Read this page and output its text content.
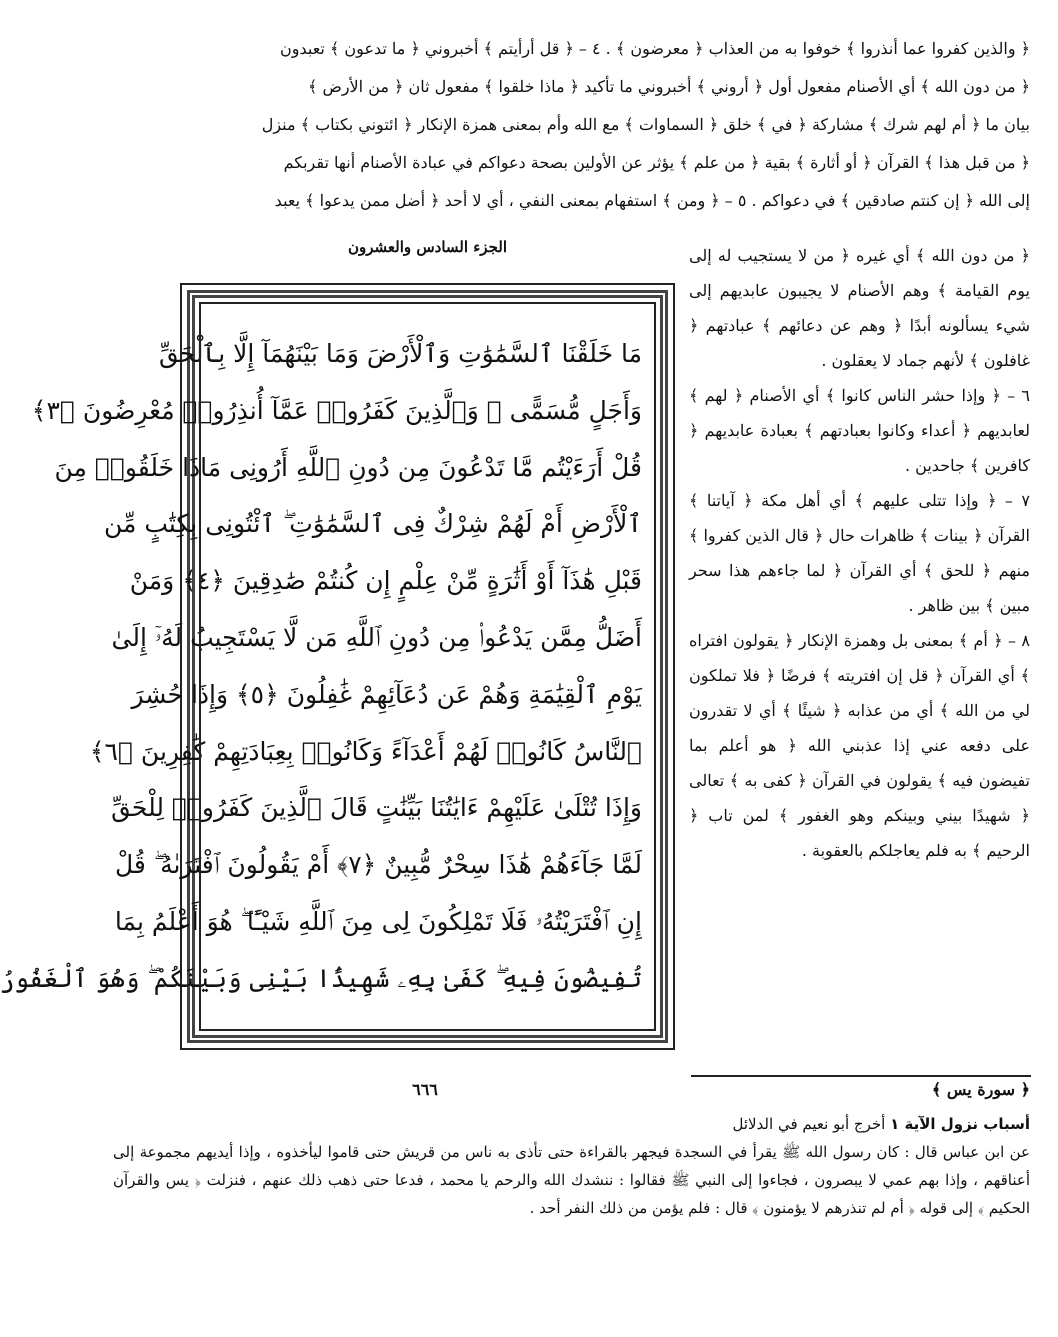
﴿ والذين كفروا عما أنذروا ﴾ خوفوا به من العذاب ﴿ معرضون ﴾ . ٤ – ﴿ قل أرأيتم ﴾ أخبروني ﴿ ما تدعون ﴾ تعبدون

﴿ من دون الله ﴾ أي الأصنام مفعول أول ﴿ أروني ﴾ أخبروني ما تأكيد ﴿ ماذا خلقوا ﴾ مفعول ثان ﴿ من الأرض ﴾

بيان ما ﴿ أم لهم شرك ﴾ مشاركة ﴿ في ﴾ خلق ﴿ السماوات ﴾ مع الله وأم بمعنى همزة الإنكار ﴿ ائتوني بكتاب ﴾ منزل

﴿ من قبل هذا ﴾ القرآن ﴿ أو أثارة ﴾ بقية ﴿ من علم ﴾ يؤثر عن الأولين بصحة دعواكم في عبادة الأصنام أنها تقربكم

إلى الله ﴿ إن كنتم صادقين ﴾ في دعواكم . ٥ – ﴿ ومن ﴾ استفهام بمعنى النفي ، أي لا أحد ﴿ أضل ممن يدعوا ﴾ يعبد

الجزء السادس والعشرون
مَا خَلَقْنَا ٱلسَّمَٰوَٰتِ وَٱلْأَرْضَ وَمَا بَيْنَهُمَآ إِلَّا بِٱلْحَقِّ
وَأَجَلٍ مُّسَمًّى ۚ وَٱلَّذِينَ كَفَرُوا۟ عَمَّآ أُنذِرُوا۟ مُعْرِضُونَ ﴿٣﴾
قُلْ أَرَءَيْتُم مَّا تَدْعُونَ مِن دُونِ ٱللَّهِ أَرُونِى مَاذَا خَلَقُوا۟ مِنَ
ٱلْأَرْضِ أَمْ لَهُمْ شِرْكٌ فِى ٱلسَّمَٰوَٰتِ ۖ ٱئْتُونِى بِكِتَٰبٍ مِّن
قَبْلِ هَٰذَآ أَوْ أَثَٰرَةٍ مِّنْ عِلْمٍ إِن كُنتُمْ صَٰدِقِينَ ﴿٤﴾ وَمَنْ
أَضَلُّ مِمَّن يَدْعُوا۟ مِن دُونِ ٱللَّهِ مَن لَّا يَسْتَجِيبُ لَهُۥٓ إِلَىٰ
يَوْمِ ٱلْقِيَٰمَةِ وَهُمْ عَن دُعَآئِهِمْ غَٰفِلُونَ ﴿٥﴾ وَإِذَا حُشِرَ
ٱلنَّاسُ كَانُوا۟ لَهُمْ أَعْدَآءً وَكَانُوا۟ بِعِبَادَتِهِمْ كَٰفِرِينَ ﴿٦﴾
وَإِذَا تُتْلَىٰ عَلَيْهِمْ ءَايَٰتُنَا بَيِّنَٰتٍ قَالَ ٱلَّذِينَ كَفَرُوا۟ لِلْحَقِّ
لَمَّا جَآءَهُمْ هَٰذَا سِحْرٌ مُّبِينٌ ﴿٧﴾ أَمْ يَقُولُونَ ٱفْتَرَىٰهُ ۖ قُلْ
إِنِ ٱفْتَرَيْتُهُۥ فَلَا تَمْلِكُونَ لِى مِنَ ٱللَّهِ شَيْـًٔا ۖ هُوَ أَعْلَمُ بِمَا
تُفِيضُونَ فِيهِ ۖ كَفَىٰ بِهِۦ شَهِيدًۢا بَيْنِى وَبَيْنَكُمْ ۖ وَهُوَ ٱلْغَفُورُ

﴿ من دون الله ﴾ أي غيره ﴿ من لا يستجيب له إلى يوم القيامة ﴾ وهم الأصنام لا يجيبون عابديهم إلى شيء يسألونه أبدًا ﴿ وهم عن دعائهم ﴾ عبادتهم ﴿ غافلون ﴾ لأنهم جماد لا يعقلون .

٦ – ﴿ وإذا حشر الناس كانوا ﴾ أي الأصنام ﴿ لهم ﴾ لعابديهم ﴿ أعداء وكانوا بعبادتهم ﴾ بعبادة عابديهم ﴿ كافرين ﴾ جاحدين .

٧ – ﴿ وإذا تتلى عليهم ﴾ أي أهل مكة ﴿ آياتنا ﴾ القرآن ﴿ بينات ﴾ ظاهرات حال ﴿ قال الذين كفروا ﴾ منهم ﴿ للحق ﴾ أي القرآن ﴿ لما جاءهم هذا سحر مبين ﴾ بين ظاهر .

٨ – ﴿ أم ﴾ بمعنى بل وهمزة الإنكار ﴿ يقولون افتراه ﴾ أي القرآن ﴿ قل إن افتريته ﴾ فرضًا ﴿ فلا تملكون لي من الله ﴾ أي من عذابه ﴿ شيئًا ﴾ أي لا تقدرون على دفعه عني إذا عذبني الله ﴿ هو أعلم بما تفيضون فيه ﴾ يقولون في القرآن ﴿ كفى به ﴾ تعالى ﴿ شهيدًا بيني وبينكم وهو الغفور ﴾ لمن تاب ﴿ الرحيم ﴾ به فلم يعاجلكم بالعقوبة .

٦٦٦	﴿ سورة يس ﴾

أسباب نزول الآية ١ أخرج أبو نعيم في الدلائل

عن ابن عباس قال : كان رسول الله ﷺ يقرأ في السجدة فيجهر بالقراءة حتى تأذى به ناس من قريش حتى قاموا ليأخذوه ، وإذا أيديهم مجموعة إلى أعناقهم ، وإذا بهم عمي لا يبصرون ، فجاءوا إلى النبي ﷺ فقالوا : ننشدك الله والرحم يا محمد ، فدعا حتى ذهب ذلك عنهم ، فنزلت ﴿ يس والقرآن الحكيم ﴾ إلى قوله ﴿ أم لم تنذرهم لا يؤمنون ﴾ قال : فلم يؤمن من ذلك النفر أحد .
